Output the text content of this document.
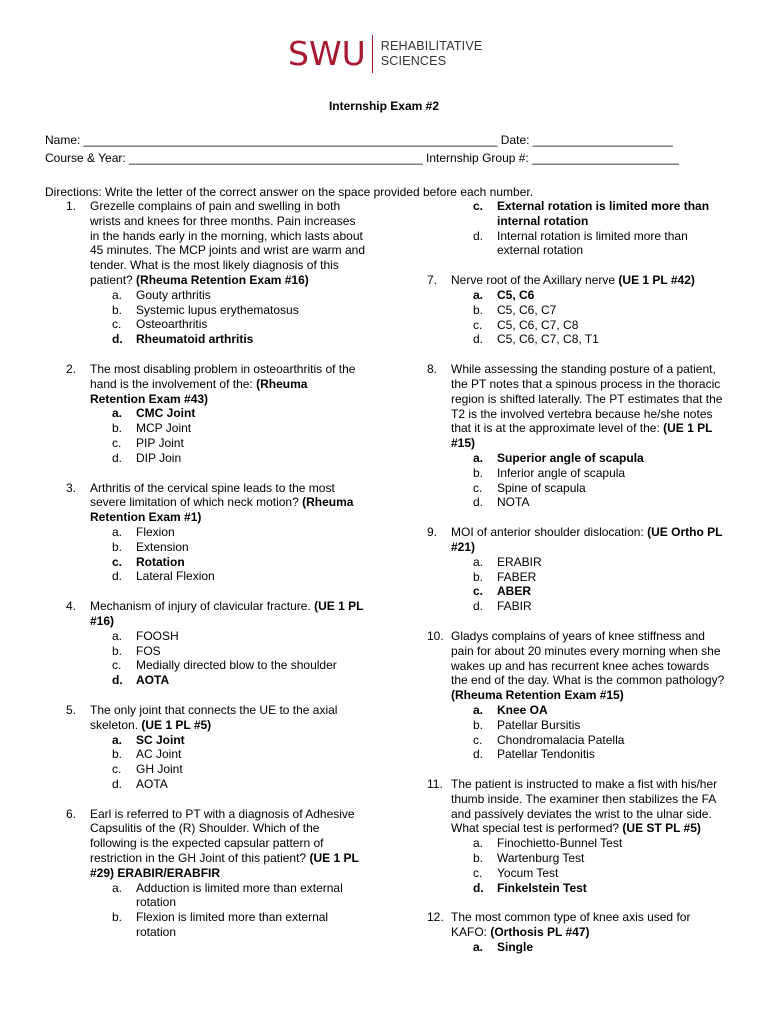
SWU REHABILITATIVE
SCIENCES
Internship Exam #2
Name: ______________________________________________________________ Date: _____________________
Course & Year: ____________________________________________ Internship Group #: ______________________
Directions: Write the letter of the correct answer on the space provided before each number.
1. Grezelle complains of pain and swelling in both wrists and knees for three months. Pain increases in the hands early in the morning, which lasts about 45 minutes. The MCP joints and wrist are warm and tender. What is the most likely diagnosis of this patient? (Rheuma Retention Exam #16)
a. Gouty arthritis
b. Systemic lupus erythematosus
c. Osteoarthritis
d. Rheumatoid arthritis
2. The most disabling problem in osteoarthritis of the hand is the involvement of the: (Rheuma Retention Exam #43)
a. CMC Joint
b. MCP Joint
c. PIP Joint
d. DIP Join
3. Arthritis of the cervical spine leads to the most severe limitation of which neck motion? (Rheuma Retention Exam #1)
a. Flexion
b. Extension
c. Rotation
d. Lateral Flexion
4. Mechanism of injury of clavicular fracture. (UE 1 PL #16)
a. FOOSH
b. FOS
c. Medially directed blow to the shoulder
d. AOTA
5. The only joint that connects the UE to the axial skeleton. (UE 1 PL #5)
a. SC Joint
b. AC Joint
c. GH Joint
d. AOTA
6. Earl is referred to PT with a diagnosis of Adhesive Capsulitis of the (R) Shoulder. Which of the following is the expected capsular pattern of restriction in the GH Joint of this patient? (UE 1 PL #29) ERABIR/ERABFIR
a. Adduction is limited more than external rotation
b. Flexion is limited more than external rotation
c. External rotation is limited more than internal rotation
d. Internal rotation is limited more than external rotation
7. Nerve root of the Axillary nerve (UE 1 PL #42)
a. C5, C6
b. C5, C6, C7
c. C5, C6, C7, C8
d. C5, C6, C7, C8, T1
8. While assessing the standing posture of a patient, the PT notes that a spinous process in the thoracic region is shifted laterally. The PT estimates that the T2 is the involved vertebra because he/she notes that it is at the approximate level of the: (UE 1 PL #15)
a. Superior angle of scapula
b. Inferior angle of scapula
c. Spine of scapula
d. NOTA
9. MOI of anterior shoulder dislocation: (UE Ortho PL #21)
a. ERABIR
b. FABER
c. ABER
d. FABIR
10. Gladys complains of years of knee stiffness and pain for about 20 minutes every morning when she wakes up and has recurrent knee aches towards the end of the day. What is the common pathology? (Rheuma Retention Exam #15)
a. Knee OA
b. Patellar Bursitis
c. Chondromalacia Patella
d. Patellar Tendonitis
11. The patient is instructed to make a fist with his/her thumb inside. The examiner then stabilizes the FA and passively deviates the wrist to the ulnar side. What special test is performed? (UE ST PL #5)
a. Finochietto-Bunnel Test
b. Wartenburg Test
c. Yocum Test
d. Finkelstein Test
12. The most common type of knee axis used for KAFO: (Orthosis PL #47)
a. Single
